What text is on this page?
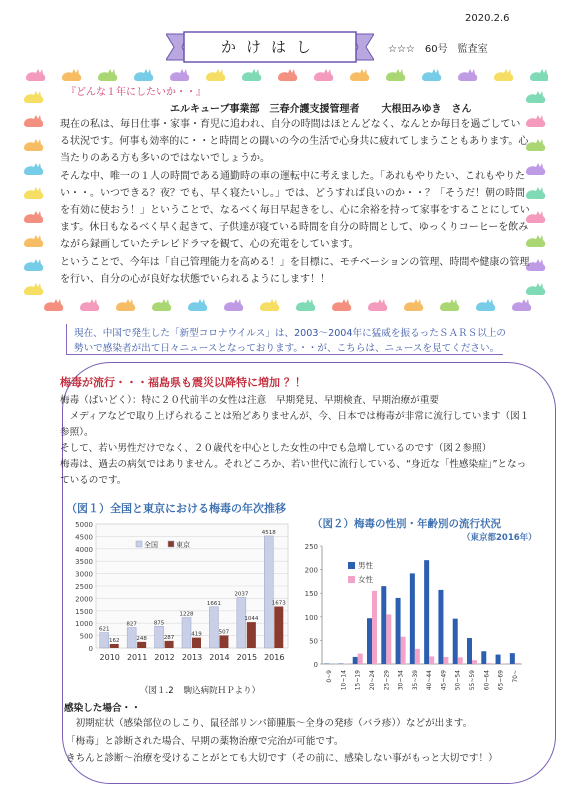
2020.2.6
かけはし	☆☆☆ 60号 監査室
『どんな１年にしたいか・・』
エルキューブ事業部　三春介護支援管理者 大根田みゆき　さん

現在の私は、毎日仕事・家事・育児に追われ、自分の時間はほとんどなく、なんとか毎日を過ごしている状況です。何事も効率的に・・と時間との闘いの今の生活で心身共に疲れてしまうこともあります。心当たりのある方も多いのではないでしょうか。

そんな中、唯一の１人の時間である通勤時の車の運転中に考えました。「あれもやりたい、これもやりたい・・。いつできる？夜？でも、早く寝たいし。」では、どうすれば良いのか・・？「そうだ！朝の時間を有効に使おう！」ということで、なるべく毎日早起きをし、心に余裕を持って家事をすることにしています。休日もなるべく早く起きて、子供達が寝ている時間を自分の時間として、ゆっくりコーヒーを飲みながら録画していたテレビドラマを観て、心の充電をしています。

ということで、今年は「自己管理能力を高める！」を目標に、モチベーションの管理、時間や健康の管理を行い、自分の心が良好な状態でいられるようにします！！

現在、中国で発生した「新型コロナウイルス」は、2003～2004年に猛威を振るったＳＡＲＳ以上の勢いで感染者が出て日々ニュースとなっております。・・が、こちらは、ニュースを見てください。
梅毒が流行・・・福島県も震災以降特に増加 ？！

梅毒（ばいどく）：特に２０代前半の女性は注意　早期発見、早期検査、早期治療が重要

メディアなどで取り上げられることは殆どありませんが、今、日本では梅毒が非常に流行しています（図１参照）。

そして、若い男性だけでなく、２０歳代を中心とした女性の中でも急増しているのです（図２参照）

梅毒は、過去の病気ではありません。それどころか、若い世代に流行している、“身近な「性感染症」”となっているのです。

（図１）全国と東京における梅毒の年次推移
0
500
1000
1500
2000
2500
3000
3500
4000
4500
5000
2010
621
162
2011
827
248
2012
875
287
2013
1228
419
2014
1661
507
2015
2037
1044
2016
4518
1673
全国	東京
（図２）梅毒の性別・年齢別の流行状況
（東京都2016年）
0
50
100
150
200
250
0~9 10~14 15~19 20~24 25~29 30~34 35~39 40~44 45~49 50~54 55~59 60~64 65~69 70~
男性
女性
（図１.2 駒込病院ＨＰより）
感染した場合・・

初期症状（感染部位のしこり、鼠径部リンパ節腫脹～全身の発疹（バラ疹））などが出ます。

「梅毒」と診断された場合、早期の薬物治療で完治が可能です。

きちんと診断～治療を受けることがとても大切です（その前に、感染しない事がもっと大切です！）
